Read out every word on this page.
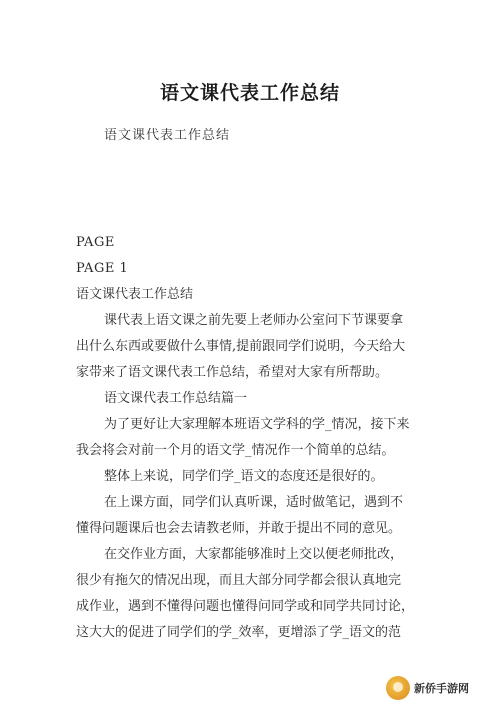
语文课代表工作总结
语文课代表工作总结
PAGE
PAGE 1
语文课代表工作总结
课代表上语文课之前先要上老师办公室问下节课要拿
出什么东西或要做什么事情,提前跟同学们说明，今天给大
家带来了语文课代表工作总结，希望对大家有所帮助。
语文课代表工作总结篇一
为了更好让大家理解本班语文学科的学_情况，接下来
我会将会对前一个月的语文学_情况作一个简单的总结。
整体上来说，同学们学_语文的态度还是很好的。
在上课方面，同学们认真听课，适时做笔记，遇到不
懂得问题课后也会去请教老师，并敢于提出不同的意见。
在交作业方面，大家都能够准时上交以便老师批改，
很少有拖欠的情况出现，而且大部分同学都会很认真地完
成作业，遇到不懂得问题也懂得问同学或和同学共同讨论，
这大大的促进了同学们的学_效率，更增添了学_语文的范
新侨手游网
